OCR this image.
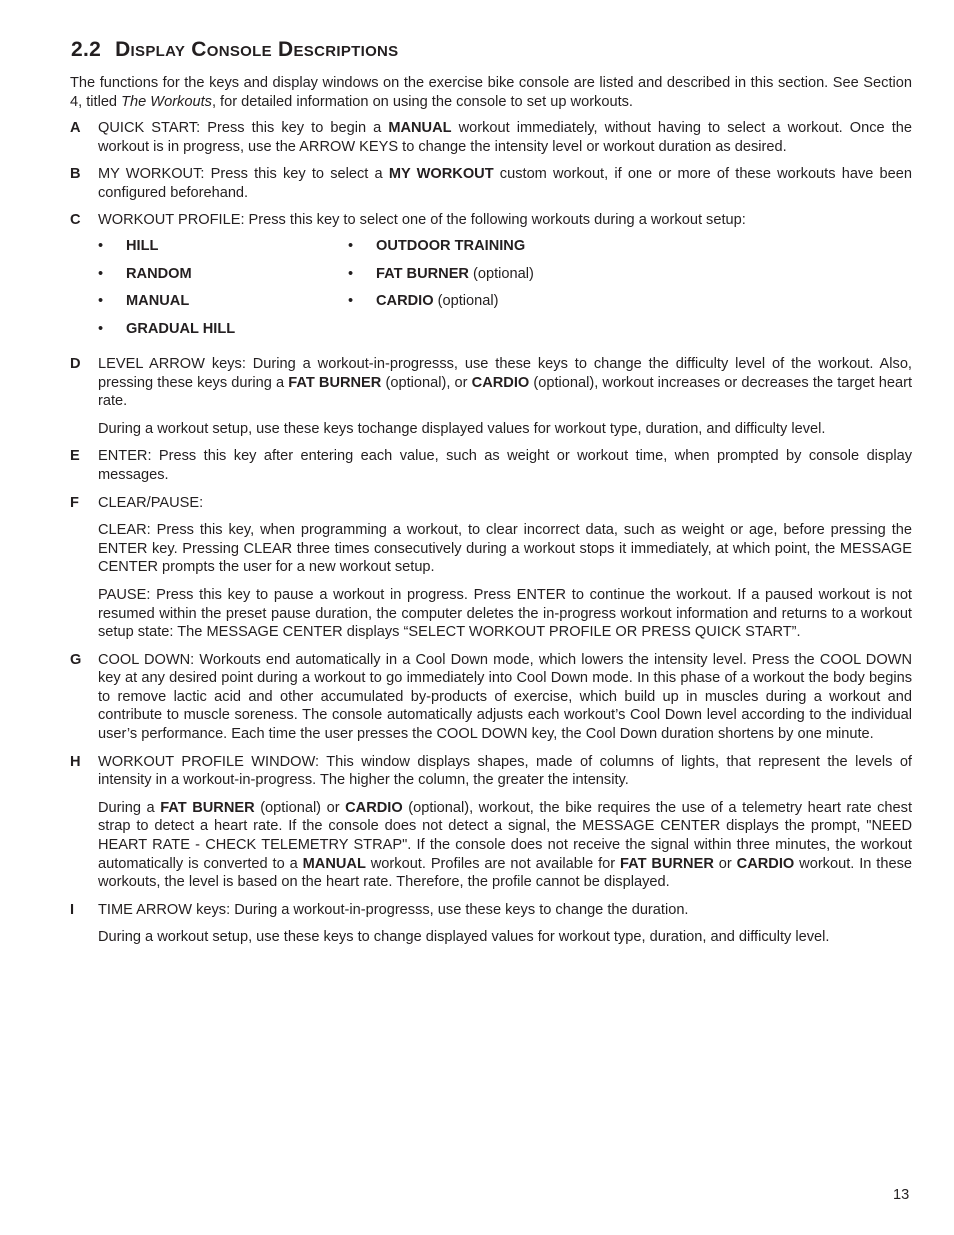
2.2 Display Console Descriptions
The functions for the keys and display windows on the exercise bike console are listed and described in this section. See Section 4, titled The Workouts, for detailed information on using the console to set up workouts.
A	QUICK START: Press this key to begin a MANUAL workout immediately, without having to select a workout. Once the workout is in progress, use the ARROW KEYS to change the intensity level or workout duration as desired.

B	MY WORKOUT: Press this key to select a MY WORKOUT custom workout, if one or more of these workouts have been configured beforehand.

C	WORKOUT PROFILE: Press this key to select one of the following workouts during a workout setup:

• HILL
• RANDOM
• MANUAL
• GRADUAL HILL
• OUTDOOR TRAINING
• FAT BURNER (optional)
• CARDIO (optional)
D	LEVEL ARROW keys: During a workout-in-progresss, use these keys to change the difficulty level of the workout. Also, pressing these keys during a FAT BURNER (optional), or CARDIO (optional), workout increases or decreases the target heart rate.

During a workout setup, use these keys tochange displayed values for workout type, duration, and difficulty level.

E	ENTER: Press this key after entering each value, such as weight or workout time, when prompted by console display messages.

F	CLEAR/PAUSE:

CLEAR: Press this key, when programming a workout, to clear incorrect data, such as weight or age, before pressing the ENTER key. Pressing CLEAR three times consecutively during a workout stops it immediately, at which point, the MESSAGE CENTER prompts the user for a new workout setup.

PAUSE: Press this key to pause a workout in progress. Press ENTER to continue the workout. If a paused workout is not resumed within the preset pause duration, the computer deletes the in-progress workout information and returns to a workout setup state: The MESSAGE CENTER displays “SELECT WORKOUT PROFILE OR PRESS QUICK START”.

G	COOL DOWN: Workouts end automatically in a Cool Down mode, which lowers the intensity level. Press the COOL DOWN key at any desired point during a workout to go immediately into Cool Down mode. In this phase of a workout the body begins to remove lactic acid and other accumulated by-products of exercise, which build up in muscles during a workout and contribute to muscle soreness. The console automatically adjusts each workout’s Cool Down level according to the individual user’s performance. Each time the user presses the COOL DOWN key, the Cool Down duration shortens by one minute.

H	WORKOUT PROFILE WINDOW: This window displays shapes, made of columns of lights, that represent the levels of intensity in a workout-in-progress. The higher the column, the greater the intensity.

During a FAT BURNER (optional) or CARDIO (optional), workout, the bike requires the use of a telemetry heart rate chest strap to detect a heart rate. If the console does not detect a signal, the MESSAGE CENTER displays the prompt, "NEED HEART RATE - CHECK TELEMETRY STRAP". If the console does not receive the signal within three minutes, the workout automatically is converted to a MANUAL workout. Profiles are not available for FAT BURNER or CARDIO workout. In these workouts, the level is based on the heart rate. Therefore, the profile cannot be displayed.

I	TIME ARROW keys: During a workout-in-progresss, use these keys to change the duration.

During a workout setup, use these keys to change displayed values for workout type, duration, and difficulty level.

13
